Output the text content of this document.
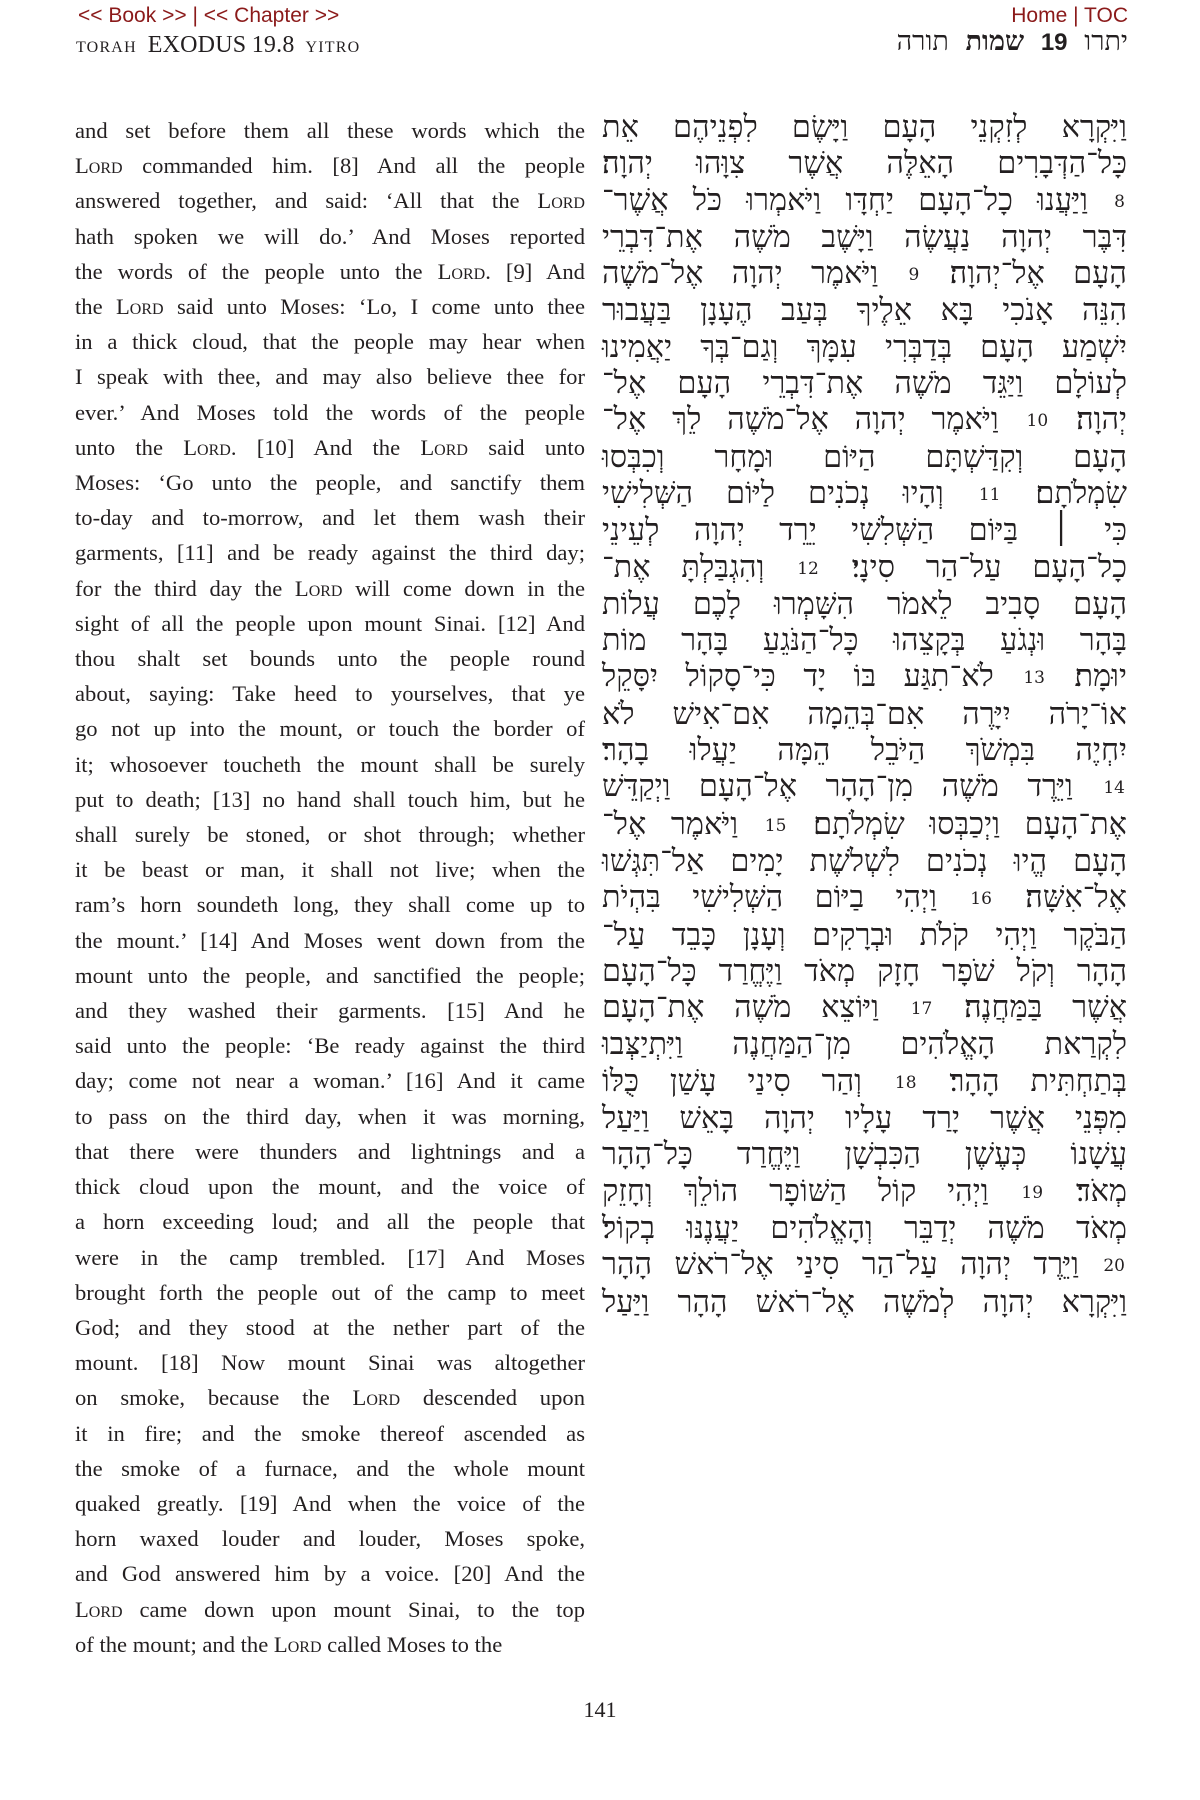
<< Book >> | << Chapter >>	Home | TOC
TORAH EXODUS 19.8 YITRO	יתרו 19 שמות תורה
and set before them all these words which the
Lord commanded him. [8] And all the people
answered together, and said: ‘All that the Lord
hath spoken we will do.’ And Moses reported
the words of the people unto the Lord. [9] And
the Lord said unto Moses: ‘Lo, I come unto thee
in a thick cloud, that the people may hear when
I speak with thee, and may also believe thee for
ever.’ And Moses told the words of the people
unto the Lord. [10] And the Lord said unto
Moses: ‘Go unto the people, and sanctify them
to-day and to-morrow, and let them wash their
garments, [11] and be ready against the third day;
for the third day the Lord will come down in the
sight of all the people upon mount Sinai. [12] And
thou shalt set bounds unto the people round
about, saying: Take heed to yourselves, that ye
go not up into the mount, or touch the border of
it; whosoever toucheth the mount shall be surely
put to death; [13] no hand shall touch him, but he
shall surely be stoned, or shot through; whether
it be beast or man, it shall not live; when the
ram’s horn soundeth long, they shall come up to
the mount.’ [14] And Moses went down from the
mount unto the people, and sanctified the people;
and they washed their garments. [15] And he
said unto the people: ‘Be ready against the third
day; come not near a woman.’ [16] And it came
to pass on the third day, when it was morning,
that there were thunders and lightnings and a
thick cloud upon the mount, and the voice of
a horn exceeding loud; and all the people that
were in the camp trembled. [17] And Moses
brought forth the people out of the camp to meet
God; and they stood at the nether part of the
mount. [18] Now mount Sinai was altogether
on smoke, because the Lord descended upon
it in fire; and the smoke thereof ascended as
the smoke of a furnace, and the whole mount
quaked greatly. [19] And when the voice of the
horn waxed louder and louder, Moses spoke,
and God answered him by a voice. [20] And the
Lord came down upon mount Sinai, to the top
of the mount; and the Lord called Moses to the
וַיִּקְרָא לְזִקְנֵי הָעָם וַיָּשֶׂם לִפְנֵיהֶם אֵת
כָּל־הַדְּבָרִים הָאֵלֶּה אֲשֶׁר צִוָּהוּ יְהוָה׃
8 וַיַּעֲנוּ כָל־הָעָם יַחְדָּו וַיֹּאמְרוּ כֹּל אֲשֶׁר־
דִּבֶּר יְהוָה נַעֲשֶׂה וַיָּשֶׁב מֹשֶׁה אֶת־דִּבְרֵי
הָעָם אֶל־יְהוָה׃ 9 וַיֹּאמֶר יְהוָה אֶל־מֹשֶׁה
הִנֵּה אָנֹכִי בָּא אֵלֶיךָ בְּעַב הֶעָנָן בַּעֲבוּר
יִשְׁמַע הָעָם בְּדַבְּרִי עִמָּךְ וְגַם־בְּךָ יַאֲמִינוּ
לְעוֹלָם וַיַּגֵּד מֹשֶׁה אֶת־דִּבְרֵי הָעָם אֶל־
יְהוָה׃ 10 וַיֹּאמֶר יְהוָה אֶל־מֹשֶׁה לֵךְ אֶל־
הָעָם וְקִדַּשְׁתָּם הַיּוֹם וּמָחָר וְכִבְּסוּ
שִׂמְלֹתָם׃ 11 וְהָיוּ נְכֹנִים לַיּוֹם הַשְּׁלִישִׁי
כִּי ׀ בַּיּוֹם הַשְּׁלִשִׁי יֵרֵד יְהוָה לְעֵינֵי
כָל־הָעָם עַל־הַר סִינָי׃ 12 וְהִגְבַּלְתָּ אֶת־
הָעָם סָבִיב לֵאמֹר הִשָּׁמְרוּ לָכֶם עֲלוֹת
בָּהָר וּנְגֹעַ בְּקָצֵהוּ כָּל־הַנֹּגֵעַ בָּהָר מוֹת
יוּמָת׃ 13 לֹא־תִגַּע בּוֹ יָד כִּי־סָקוֹל יִסָּקֵל
אוֹ־יָרֹה יִיָּרֶה אִם־בְּהֵמָה אִם־אִישׁ לֹא
יִחְיֶה בִּמְשֹׁךְ הַיֹּבֵל הֵמָּה יַעֲלוּ בָהָר׃
14 וַיֵּרֶד מֹשֶׁה מִן־הָהָר אֶל־הָעָם וַיְקַדֵּשׁ
אֶת־הָעָם וַיְכַבְּסוּ שִׂמְלֹתָם׃ 15 וַיֹּאמֶר אֶל־
הָעָם הֱיוּ נְכֹנִים לִשְׁלֹשֶׁת יָמִים אַל־תִּגְּשׁוּ
אֶל־אִשָּׁה׃ 16 וַיְהִי בַיּוֹם הַשְּׁלִישִׁי בִּהְיֹת
הַבֹּקֶר וַיְהִי קֹלֹת וּבְרָקִים וְעָנָן כָּבֵד עַל־
הָהָר וְקֹל שֹׁפָר חָזָק מְאֹד וַיֶּחֱרַד כָּל־הָעָם
אֲשֶׁר בַּמַּחֲנֶה׃ 17 וַיּוֹצֵא מֹשֶׁה אֶת־הָעָם
לִקְרַאת הָאֱלֹהִים מִן־הַמַּחֲנֶה וַיִּתְיַצְּבוּ
בְּתַחְתִּית הָהָר׃ 18 וְהַר סִינַי עָשַׁן כֻּלּוֹ
מִפְּנֵי אֲשֶׁר יָרַד עָלָיו יְהוָה בָּאֵשׁ וַיַּעַל
עֲשָׁנוֹ כְּעֶשֶׁן הַכִּבְשָׁן וַיֶּחֱרַד כָּל־הָהָר
מְאֹד׃ 19 וַיְהִי קוֹל הַשּׁוֹפָר הוֹלֵךְ וְחָזֵק
מְאֹד מֹשֶׁה יְדַבֵּר וְהָאֱלֹהִים יַעֲנֶנּוּ בְקוֹל׃
20 וַיֵּרֶד יְהוָה עַל־הַר סִינַי אֶל־רֹאשׁ הָהָר
וַיִּקְרָא יְהוָה לְמֹשֶׁה אֶל־רֹאשׁ הָהָר וַיַּעַל
141
